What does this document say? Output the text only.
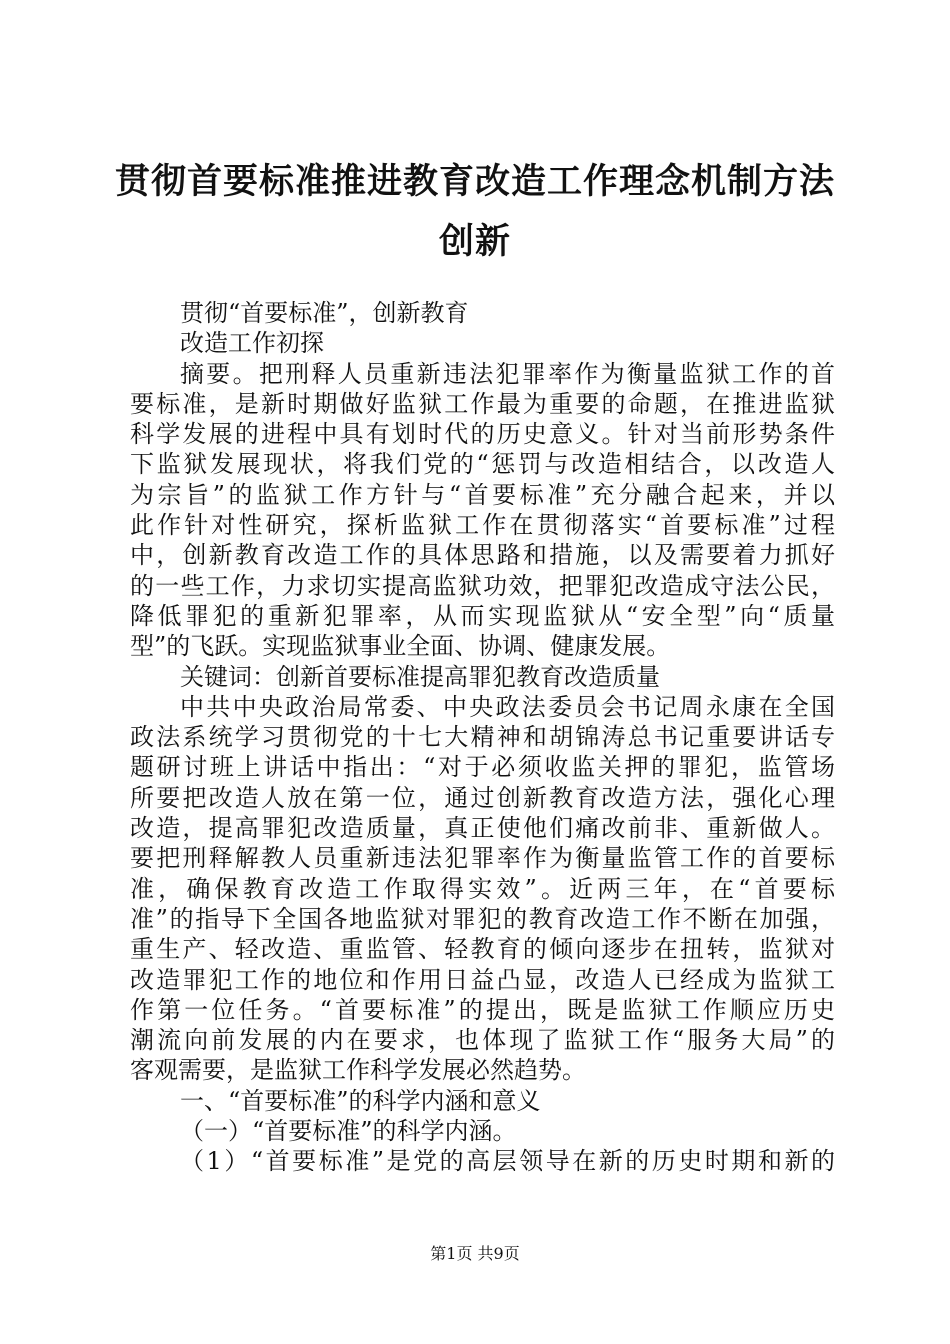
贯彻首要标准推进教育改造工作理念机制方法
创新
贯彻“首要标准”，创新教育
改造工作初探
摘要。把刑释人员重新违法犯罪率作为衡量监狱工作的首
要标准，是新时期做好监狱工作最为重要的命题，在推进监狱
科学发展的进程中具有划时代的历史意义。针对当前形势条件
下监狱发展现状，将我们党的“惩罚与改造相结合，以改造人
为宗旨”的监狱工作方针与“首要标准”充分融合起来，并以
此作针对性研究，探析监狱工作在贯彻落实“首要标准”过程
中，创新教育改造工作的具体思路和措施，以及需要着力抓好
的一些工作，力求切实提高监狱功效，把罪犯改造成守法公民，
降低罪犯的重新犯罪率，从而实现监狱从“安全型”向“质量
型”的飞跃。实现监狱事业全面、协调、健康发展。
关键词：创新首要标准提高罪犯教育改造质量
中共中央政治局常委、中央政法委员会书记周永康在全国
政法系统学习贯彻党的十七大精神和胡锦涛总书记重要讲话专
题研讨班上讲话中指出：“对于必须收监关押的罪犯，监管场
所要把改造人放在第一位，通过创新教育改造方法，强化心理
改造，提高罪犯改造质量，真正使他们痛改前非、重新做人。
要把刑释解教人员重新违法犯罪率作为衡量监管工作的首要标
准，确保教育改造工作取得实效”。近两三年，在“首要标
准”的指导下全国各地监狱对罪犯的教育改造工作不断在加强，
重生产、轻改造、重监管、轻教育的倾向逐步在扭转，监狱对
改造罪犯工作的地位和作用日益凸显，改造人已经成为监狱工
作第一位任务。“首要标准”的提出，既是监狱工作顺应历史
潮流向前发展的内在要求，也体现了监狱工作“服务大局”的
客观需要，是监狱工作科学发展必然趋势。
一、“首要标准”的科学内涵和意义
（一）“首要标准”的科学内涵。
（1）“首要标准”是党的高层领导在新的历史时期和新的
第1页 共9页
